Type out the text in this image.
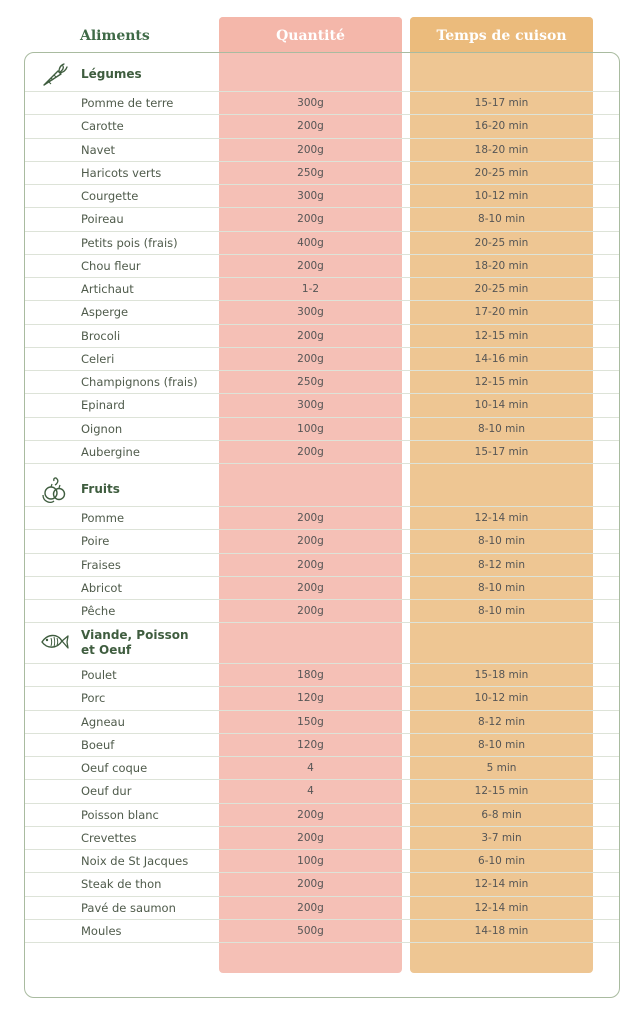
Aliments	Quantité	Temps de cuison
Légumes
Pomme de terre	300g	15-17 min
Carotte	200g	16-20 min
Navet	200g	18-20 min
Haricots verts	250g	20-25 min
Courgette	300g	10-12 min
Poireau	200g	8-10 min
Petits pois (frais)	400g	20-25 min
Chou fleur	200g	18-20 min
Artichaut	1-2	20-25 min
Asperge	300g	17-20 min
Brocoli	200g	12-15 min
Celeri	200g	14-16 min
Champignons (frais)	250g	12-15 min
Epinard	300g	10-14 min
Oignon	100g	8-10 min
Aubergine	200g	15-17 min
Fruits
Pomme	200g	12-14 min
Poire	200g	8-10 min
Fraises	200g	8-12 min
Abricot	200g	8-10 min
Pêche	200g	8-10 min
Viande, Poisson
et Oeuf
Poulet	180g	15-18 min
Porc	120g	10-12 min
Agneau	150g	8-12 min
Boeuf	120g	8-10 min
Oeuf coque	4	5 min
Oeuf dur	4	12-15 min
Poisson blanc	200g	6-8 min
Crevettes	200g	3-7 min
Noix de St Jacques	100g	6-10 min
Steak de thon	200g	12-14 min
Pavé de saumon	200g	12-14 min
Moules	500g	14-18 min
